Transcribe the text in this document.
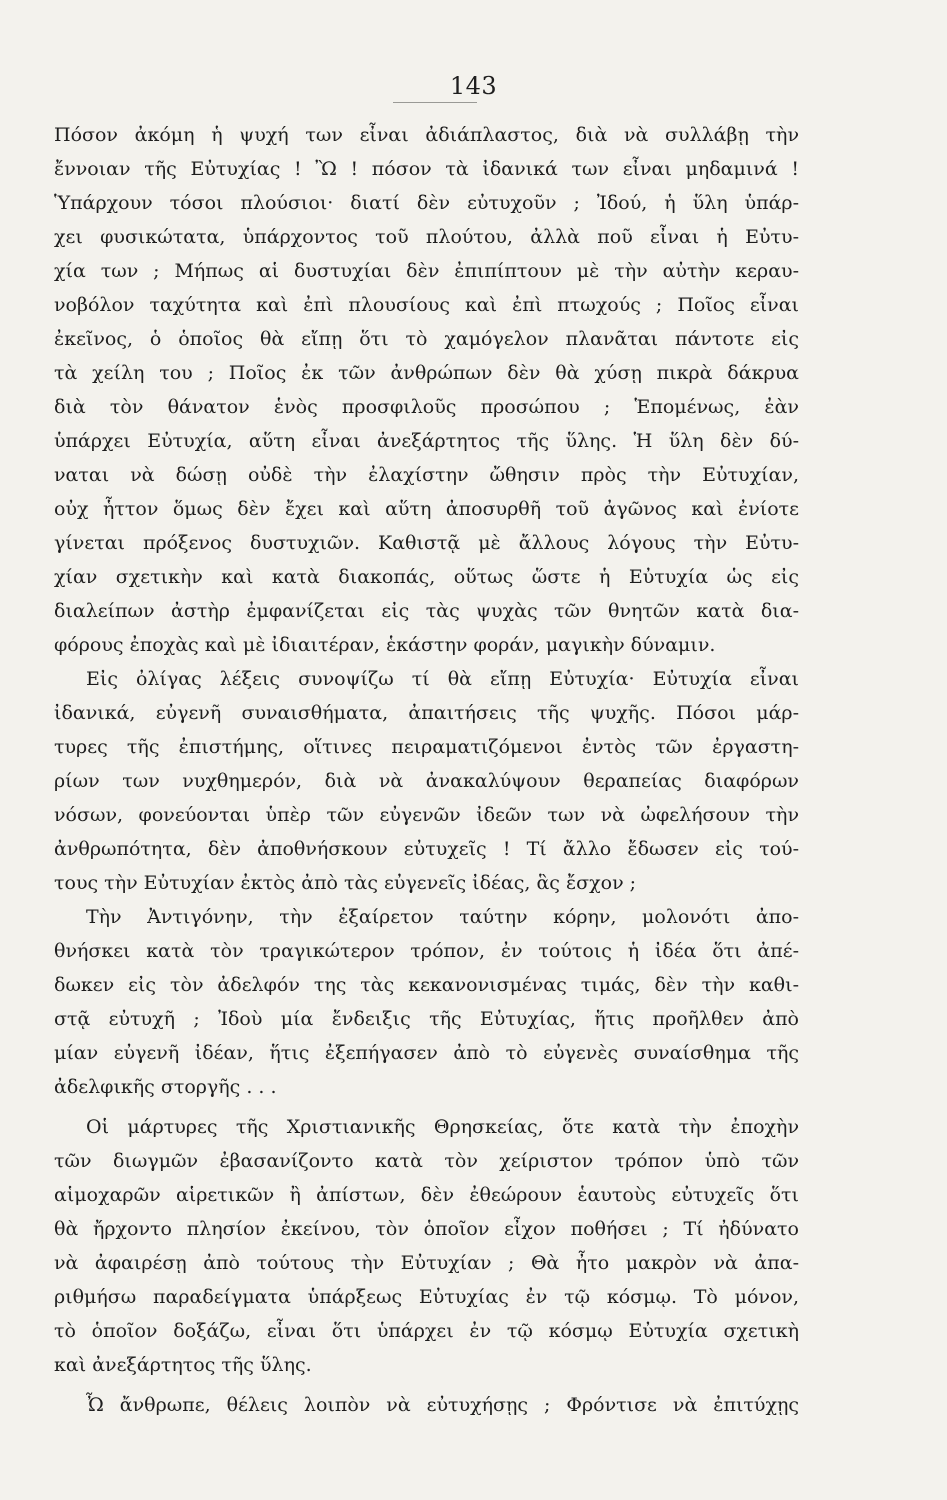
143
Πόσον ἀκόμη ἡ ψυχή των εἶναι ἀδιάπλαστος, διὰ νὰ συλλάβῃ τὴν
ἔννοιαν τῆς Εὐτυχίας ! Ὢ ! πόσον τὰ ἰδανικά των εἶναι μηδαμινά !
Ὑπάρχουν τόσοι πλούσιοι· διατί δὲν εὐτυχοῦν ; Ἰδού, ἡ ὕλη ὑπάρ-
χει φυσικώτατα, ὑπάρχοντος τοῦ πλούτου, ἀλλὰ ποῦ εἶναι ἡ Εὐτυ-
χία των ; Μήπως αἱ δυστυχίαι δὲν ἐπιπίπτουν μὲ τὴν αὐτὴν κεραυ-
νοβόλον ταχύτητα καὶ ἐπὶ πλουσίους καὶ ἐπὶ πτωχούς ; Ποῖος εἶναι
ἐκεῖνος, ὁ ὁποῖος θὰ εἴπῃ ὅτι τὸ χαμόγελον πλανᾶται πάντοτε εἰς
τὰ χείλη του ; Ποῖος ἐκ τῶν ἀνθρώπων δὲν θὰ χύσῃ πικρὰ δάκρυα
διὰ τὸν θάνατον ἑνὸς προσφιλοῦς προσώπου ; Ἑπομένως, ἐὰν
ὑπάρχει Εὐτυχία, αὕτη εἶναι ἀνεξάρτητος τῆς ὕλης. Ἡ ὕλη δὲν δύ-
ναται νὰ δώσῃ οὐδὲ τὴν ἐλαχίστην ὤθησιν πρὸς τὴν Εὐτυχίαν,
οὐχ ἧττον ὅμως δὲν ἔχει καὶ αὕτη ἀποσυρθῆ τοῦ ἀγῶνος καὶ ἐνίοτε
γίνεται πρόξενος δυστυχιῶν. Καθιστᾷ μὲ ἄλλους λόγους τὴν Εὐτυ-
χίαν σχετικὴν καὶ κατὰ διακοπάς, οὕτως ὥστε ἡ Εὐτυχία ὡς εἰς
διαλείπων ἀστὴρ ἐμφανίζεται εἰς τὰς ψυχὰς τῶν θνητῶν κατὰ δια-
φόρους ἐποχὰς καὶ μὲ ἰδιαιτέραν, ἑκάστην φοράν, μαγικὴν δύναμιν.
Εἰς ὀλίγας λέξεις συνοψίζω τί θὰ εἴπῃ Εὐτυχία· Εὐτυχία εἶναι
ἰδανικά, εὐγενῆ συναισθήματα, ἀπαιτήσεις τῆς ψυχῆς. Πόσοι μάρ-
τυρες τῆς ἐπιστήμης, οἵτινες πειραματιζόμενοι ἐντὸς τῶν ἐργαστη-
ρίων των νυχθημερόν, διὰ νὰ ἀνακαλύψουν θεραπείας διαφόρων
νόσων, φονεύονται ὑπὲρ τῶν εὐγενῶν ἰδεῶν των νὰ ὠφελήσουν τὴν
ἀνθρωπότητα, δὲν ἀποθνήσκουν εὐτυχεῖς ! Τί ἄλλο ἔδωσεν εἰς τού-
τους τὴν Εὐτυχίαν ἐκτὸς ἀπὸ τὰς εὐγενεῖς ἰδέας, ἃς ἔσχον ;
Τὴν Ἀντιγόνην, τὴν ἐξαίρετον ταύτην κόρην, μολονότι ἀπο-
θνήσκει κατὰ τὸν τραγικώτερον τρόπον, ἐν τούτοις ἡ ἰδέα ὅτι ἀπέ-
δωκεν εἰς τὸν ἀδελφόν της τὰς κεκανονισμένας τιμάς, δὲν τὴν καθι-
στᾷ εὐτυχῆ ; Ἰδοὺ μία ἔνδειξις τῆς Εὐτυχίας, ἥτις προῆλθεν ἀπὸ
μίαν εὐγενῆ ἰδέαν, ἥτις ἐξεπήγασεν ἀπὸ τὸ εὐγενὲς συναίσθημα τῆς
ἀδελφικῆς στοργῆς . . .
Οἱ μάρτυρες τῆς Χριστιανικῆς Θρησκείας, ὅτε κατὰ τὴν ἐποχὴν
τῶν διωγμῶν ἐβασανίζοντο κατὰ τὸν χείριστον τρόπον ὑπὸ τῶν
αἱμοχαρῶν αἱρετικῶν ἢ ἀπίστων, δὲν ἐθεώρουν ἑαυτοὺς εὐτυχεῖς ὅτι
θὰ ἤρχοντο πλησίον ἐκείνου, τὸν ὁποῖον εἶχον ποθήσει ; Τί ἠδύνατο
νὰ ἀφαιρέσῃ ἀπὸ τούτους τὴν Εὐτυχίαν ; Θὰ ἦτο μακρὸν νὰ ἀπα-
ριθμήσω παραδείγματα ὑπάρξεως Εὐτυχίας ἐν τῷ κόσμῳ. Τὸ μόνον,
τὸ ὁποῖον δοξάζω, εἶναι ὅτι ὑπάρχει ἐν τῷ κόσμῳ Εὐτυχία σχετικὴ
καὶ ἀνεξάρτητος τῆς ὕλης.
Ὦ ἄνθρωπε, θέλεις λοιπὸν νὰ εὐτυχήσῃς ; Φρόντισε νὰ ἐπιτύχῃς
